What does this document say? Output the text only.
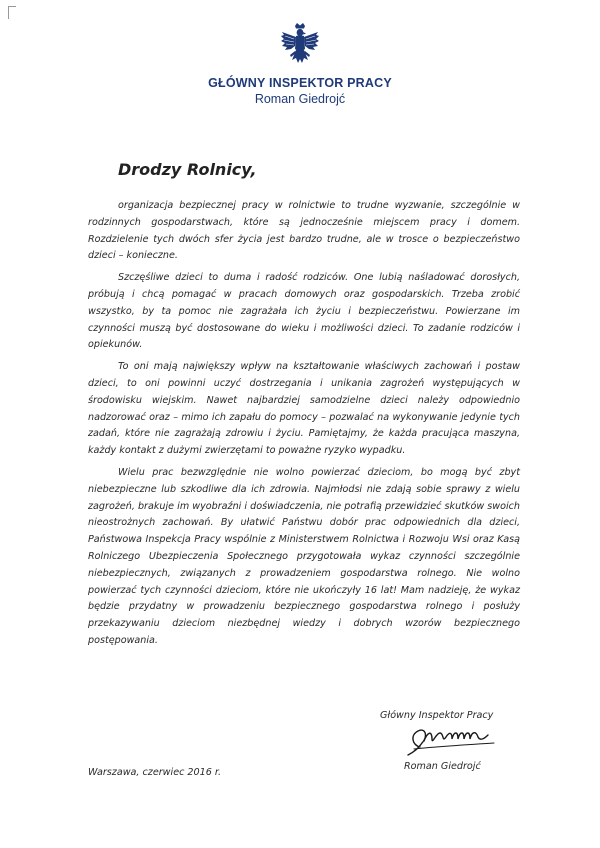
GŁÓWNY INSPEKTOR PRACY
Roman Giedrojć
Drodzy Rolnicy,

organizacja bezpiecznej pracy w rolnictwie to trudne wyzwanie, szczególnie w rodzinnych gospodarstwach, które są jednocześnie miejscem pracy i domem. Rozdzielenie tych dwóch sfer życia jest bardzo trudne, ale w trosce o bezpieczeństwo dzieci – konieczne.

Szczęśliwe dzieci to duma i radość rodziców. One lubią naśladować dorosłych, próbują i chcą pomagać w pracach domowych oraz gospodarskich. Trzeba zrobić wszystko, by ta pomoc nie zagrażała ich życiu i bezpieczeństwu. Powierzane im czynności muszą być dostosowane do wieku i możliwości dzieci. To zadanie rodziców i opiekunów.

To oni mają największy wpływ na kształtowanie właściwych zachowań i postaw dzieci, to oni powinni uczyć dostrzegania i unikania zagrożeń występujących w środowisku wiejskim. Nawet najbardziej samodzielne dzieci należy odpowiednio nadzorować oraz – mimo ich zapału do pomocy – pozwalać na wykonywanie jedynie tych zadań, które nie zagrażają zdrowiu i życiu. Pamiętajmy, że każda pracująca maszyna, każdy kontakt z dużymi zwierzętami to poważne ryzyko wypadku.

Wielu prac bezwzględnie nie wolno powierzać dzieciom, bo mogą być zbyt niebezpieczne lub szkodliwe dla ich zdrowia. Najmłodsi nie zdają sobie sprawy z wielu zagrożeń, brakuje im wyobraźni i doświadczenia, nie potrafią przewidzieć skutków swoich nieostrożnych zachowań. By ułatwić Państwu dobór prac odpowiednich dla dzieci, Państwowa Inspekcja Pracy wspólnie z Ministerstwem Rolnictwa i Rozwoju Wsi oraz Kasą Rolniczego Ubezpieczenia Społecznego przygotowała wykaz czynności szczególnie niebezpiecznych, związanych z prowadzeniem gospodarstwa rolnego. Nie wolno powierzać tych czynności dzieciom, które nie ukończyły 16 lat! Mam nadzieję, że wykaz będzie przydatny w prowadzeniu bezpiecznego gospodarstwa rolnego i posłuży przekazywaniu dzieciom niezbędnej wiedzy i dobrych wzorów bezpiecznego postępowania.

Główny Inspektor Pracy
Roman Giedrojć
Warszawa, czerwiec 2016 r.
